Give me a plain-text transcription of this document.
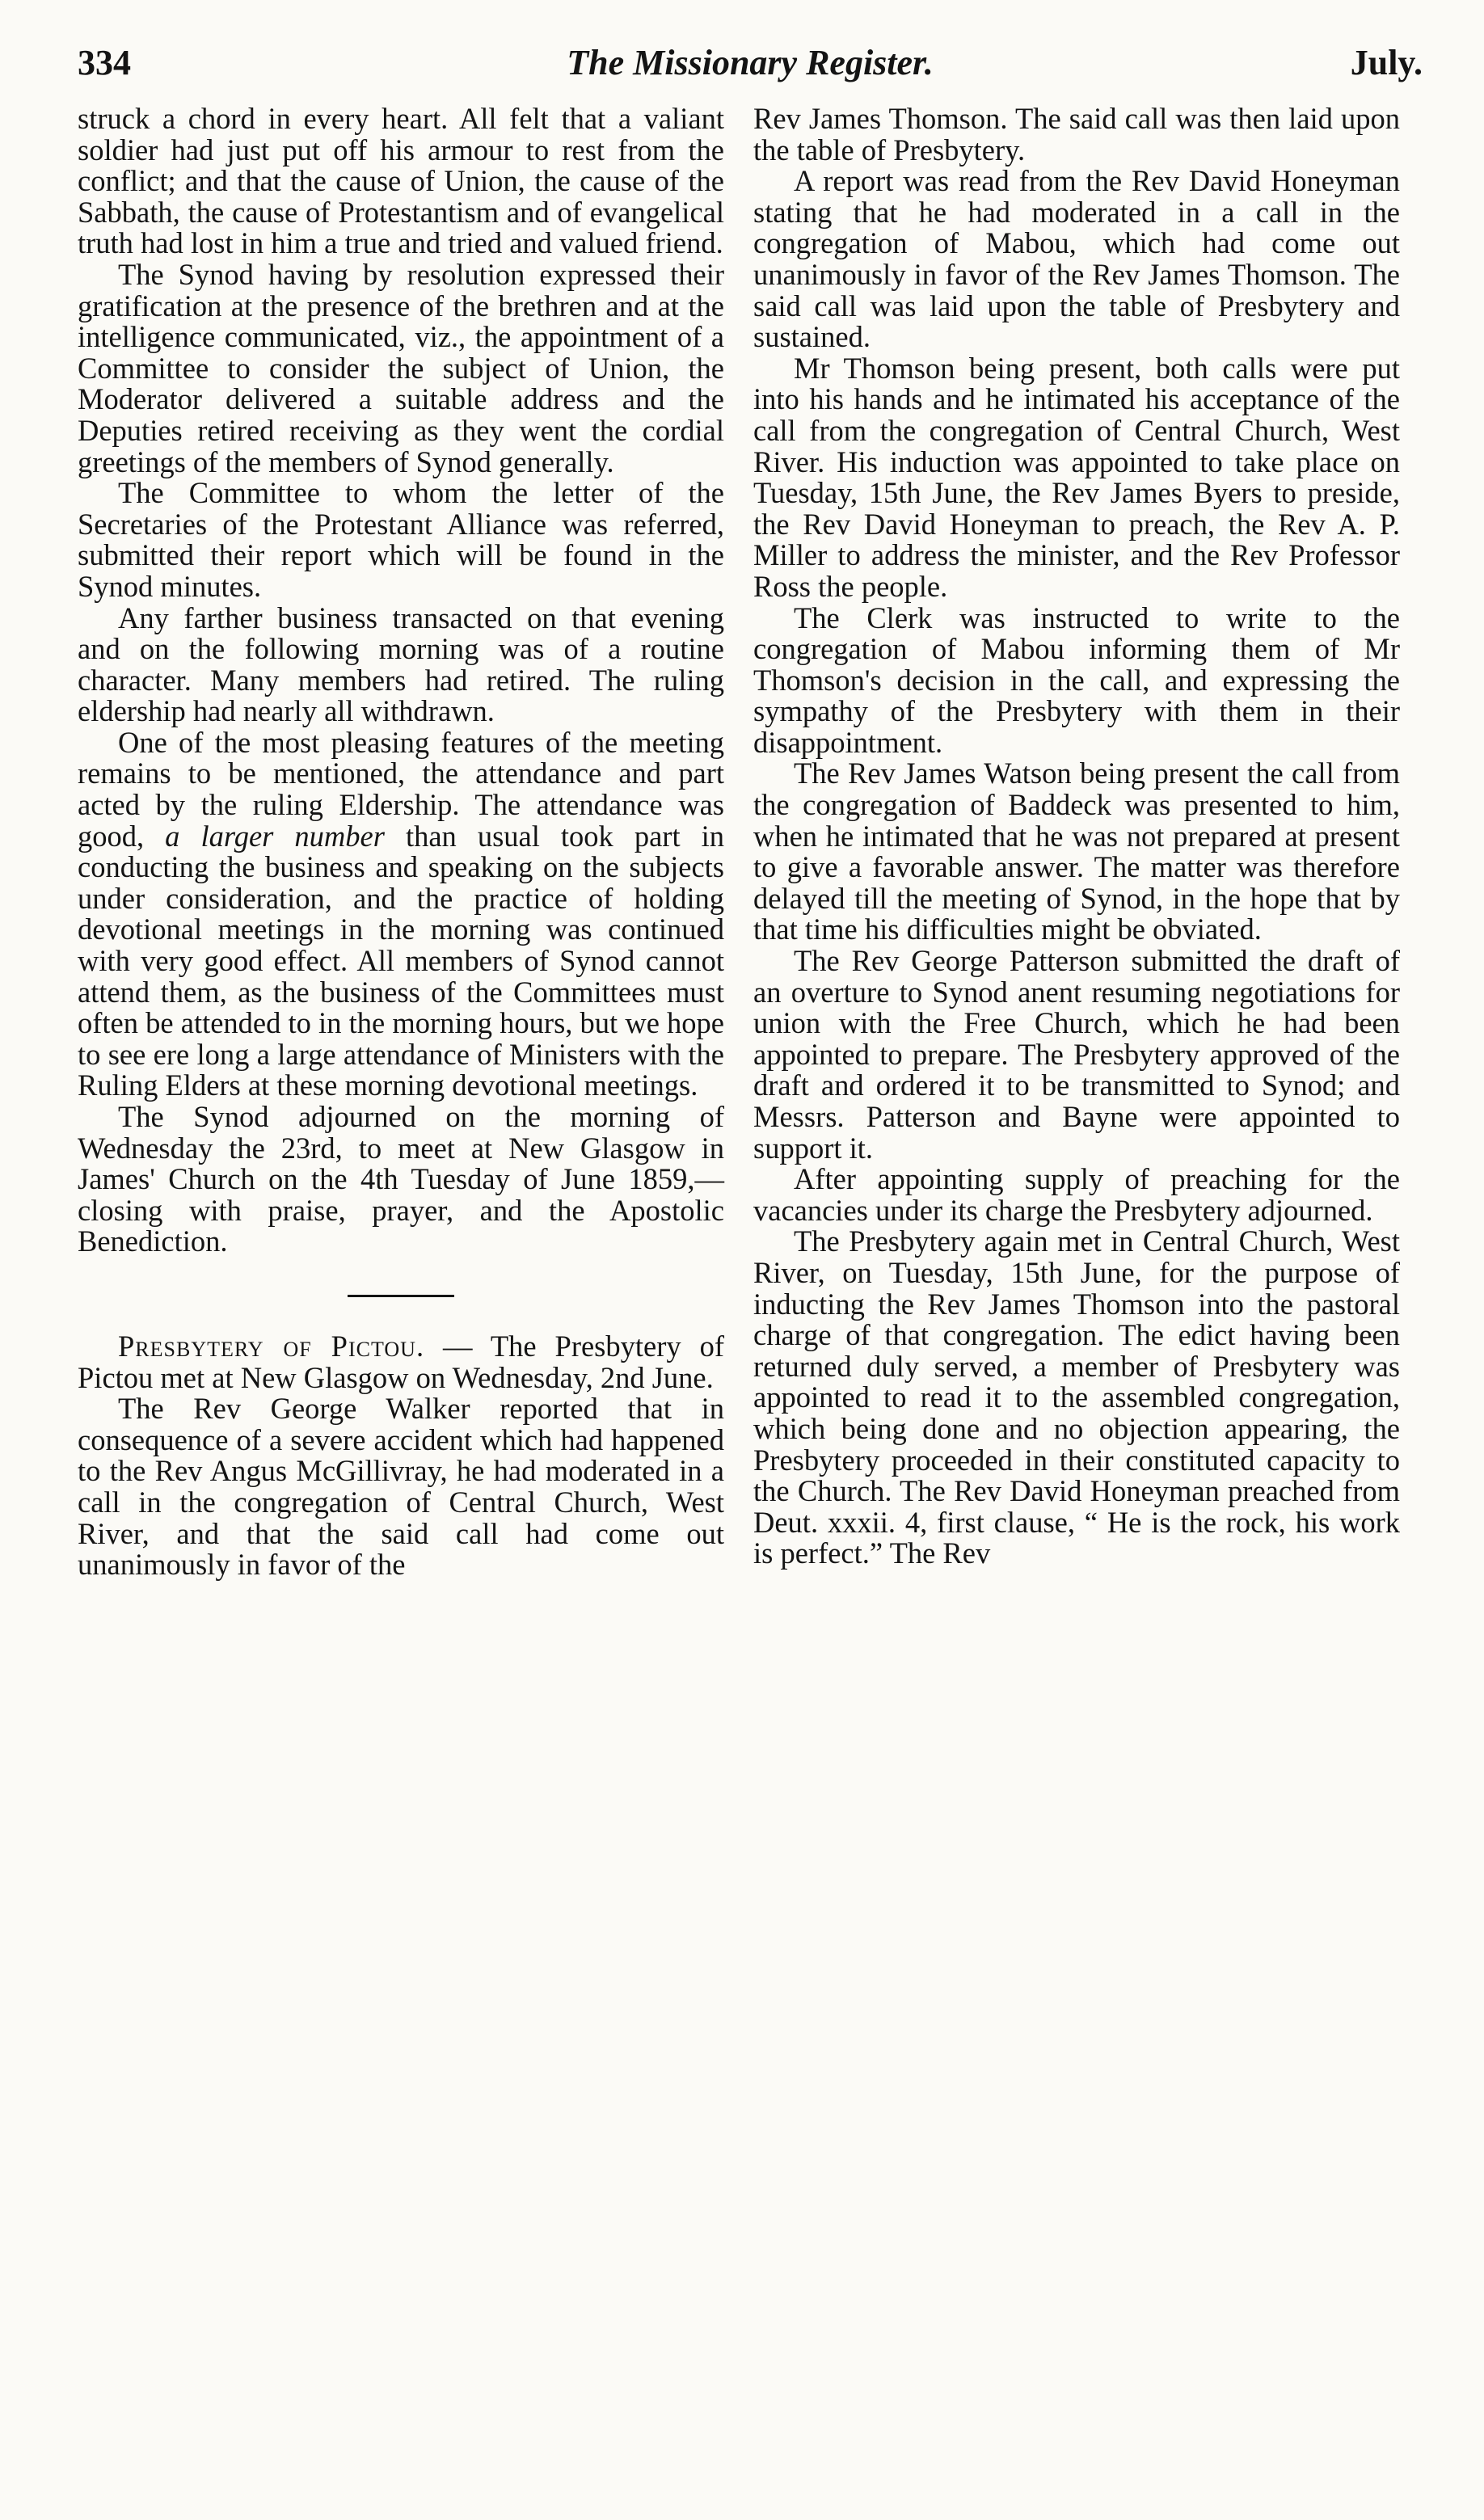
334	The Missionary Register.	July.

struck a chord in every heart. All felt that a valiant soldier had just put off his armour to rest from the conflict; and that the cause of Union, the cause of the Sabbath, the cause of Protestantism and of evangelical truth had lost in him a true and tried and valued friend.

The Synod having by resolution expressed their gratification at the presence of the brethren and at the intelligence communicated, viz., the appointment of a Committee to consider the subject of Union, the Moderator delivered a suitable address and the Deputies retired receiving as they went the cordial greetings of the members of Synod generally.

The Committee to whom the letter of the Secretaries of the Protestant Alliance was referred, submitted their report which will be found in the Synod minutes.

Any farther business transacted on that evening and on the following morning was of a routine character. Many members had retired. The ruling eldership had nearly all withdrawn.

One of the most pleasing features of the meeting remains to be mentioned, the attendance and part acted by the ruling Eldership. The attendance was good, a larger number than usual took part in conducting the business and speaking on the subjects under consideration, and the practice of holding devotional meetings in the morning was continued with very good effect. All members of Synod cannot attend them, as the business of the Committees must often be attended to in the morning hours, but we hope to see ere long a large attendance of Ministers with the Ruling Elders at these morning devotional meetings.

The Synod adjourned on the morning of Wednesday the 23rd, to meet at New Glasgow in James' Church on the 4th Tuesday of June 1859,—closing with praise, prayer, and the Apostolic Benediction.

Presbytery of Pictou. — The Presbytery of Pictou met at New Glasgow on Wednesday, 2nd June.

The Rev George Walker reported that in consequence of a severe accident which had happened to the Rev Angus McGillivray, he had moderated in a call in the congregation of Central Church, West River, and that the said call had come out unanimously in favor of the

Rev James Thomson. The said call was then laid upon the table of Presbytery.

A report was read from the Rev David Honeyman stating that he had moderated in a call in the congregation of Mabou, which had come out unanimously in favor of the Rev James Thomson. The said call was laid upon the table of Presbytery and sustained.

Mr Thomson being present, both calls were put into his hands and he intimated his acceptance of the call from the congregation of Central Church, West River. His induction was appointed to take place on Tuesday, 15th June, the Rev James Byers to preside, the Rev David Honeyman to preach, the Rev A. P. Miller to address the minister, and the Rev Professor Ross the people.

The Clerk was instructed to write to the congregation of Mabou informing them of Mr Thomson's decision in the call, and expressing the sympathy of the Presbytery with them in their disappointment.

The Rev James Watson being present the call from the congregation of Baddeck was presented to him, when he intimated that he was not prepared at present to give a favorable answer. The matter was therefore delayed till the meeting of Synod, in the hope that by that time his difficulties might be obviated.

The Rev George Patterson submitted the draft of an overture to Synod anent resuming negotiations for union with the Free Church, which he had been appointed to prepare. The Presbytery approved of the draft and ordered it to be transmitted to Synod; and Messrs. Patterson and Bayne were appointed to support it.

After appointing supply of preaching for the vacancies under its charge the Presbytery adjourned.

The Presbytery again met in Central Church, West River, on Tuesday, 15th June, for the purpose of inducting the Rev James Thomson into the pastoral charge of that congregation. The edict having been returned duly served, a member of Presbytery was appointed to read it to the assembled congregation, which being done and no objection appearing, the Presbytery proceeded in their constituted capacity to the Church. The Rev David Honeyman preached from Deut. xxxii. 4, first clause, “ He is the rock, his work is perfect.” The Rev
